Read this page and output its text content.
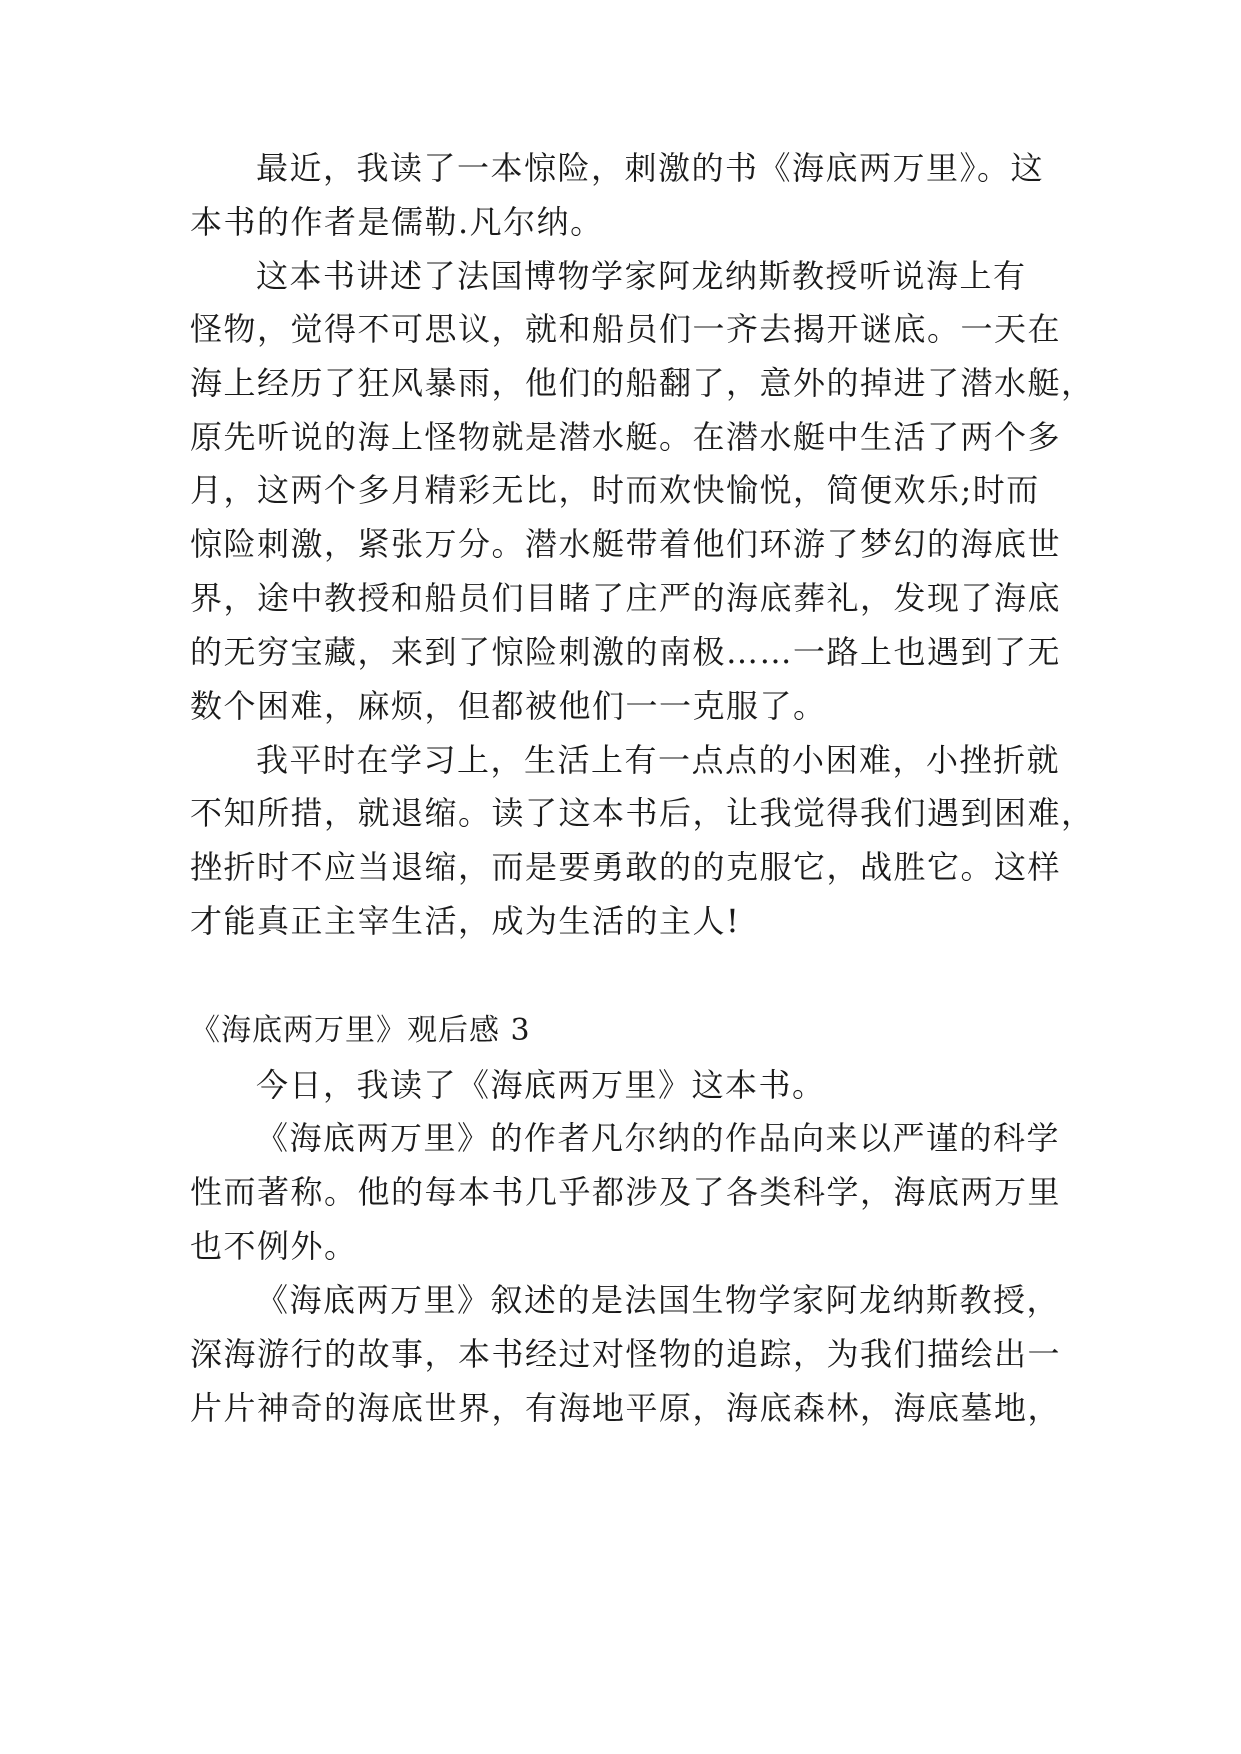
最近，我读了一本惊险，刺激的书《海底两万里》。这
本书的作者是儒勒.凡尔纳。
这本书讲述了法国博物学家阿龙纳斯教授听说海上有
怪物，觉得不可思议，就和船员们一齐去揭开谜底。一天在
海上经历了狂风暴雨，他们的船翻了，意外的掉进了潜水艇，
原先听说的海上怪物就是潜水艇。在潜水艇中生活了两个多
月，这两个多月精彩无比，时而欢快愉悦，简便欢乐;时而
惊险刺激，紧张万分。潜水艇带着他们环游了梦幻的海底世
界，途中教授和船员们目睹了庄严的海底葬礼，发现了海底
的无穷宝藏，来到了惊险刺激的南极……一路上也遇到了无
数个困难，麻烦，但都被他们一一克服了。
我平时在学习上，生活上有一点点的小困难，小挫折就
不知所措，就退缩。读了这本书后，让我觉得我们遇到困难，
挫折时不应当退缩，而是要勇敢的的克服它，战胜它。这样
才能真正主宰生活，成为生活的主人!
《海底两万里》观后感 3
今日，我读了《海底两万里》这本书。
《海底两万里》的作者凡尔纳的作品向来以严谨的科学
性而著称。他的每本书几乎都涉及了各类科学，海底两万里
也不例外。
《海底两万里》叙述的是法国生物学家阿龙纳斯教授，
深海游行的故事，本书经过对怪物的追踪，为我们描绘出一
片片神奇的海底世界，有海地平原，海底森林，海底墓地，
